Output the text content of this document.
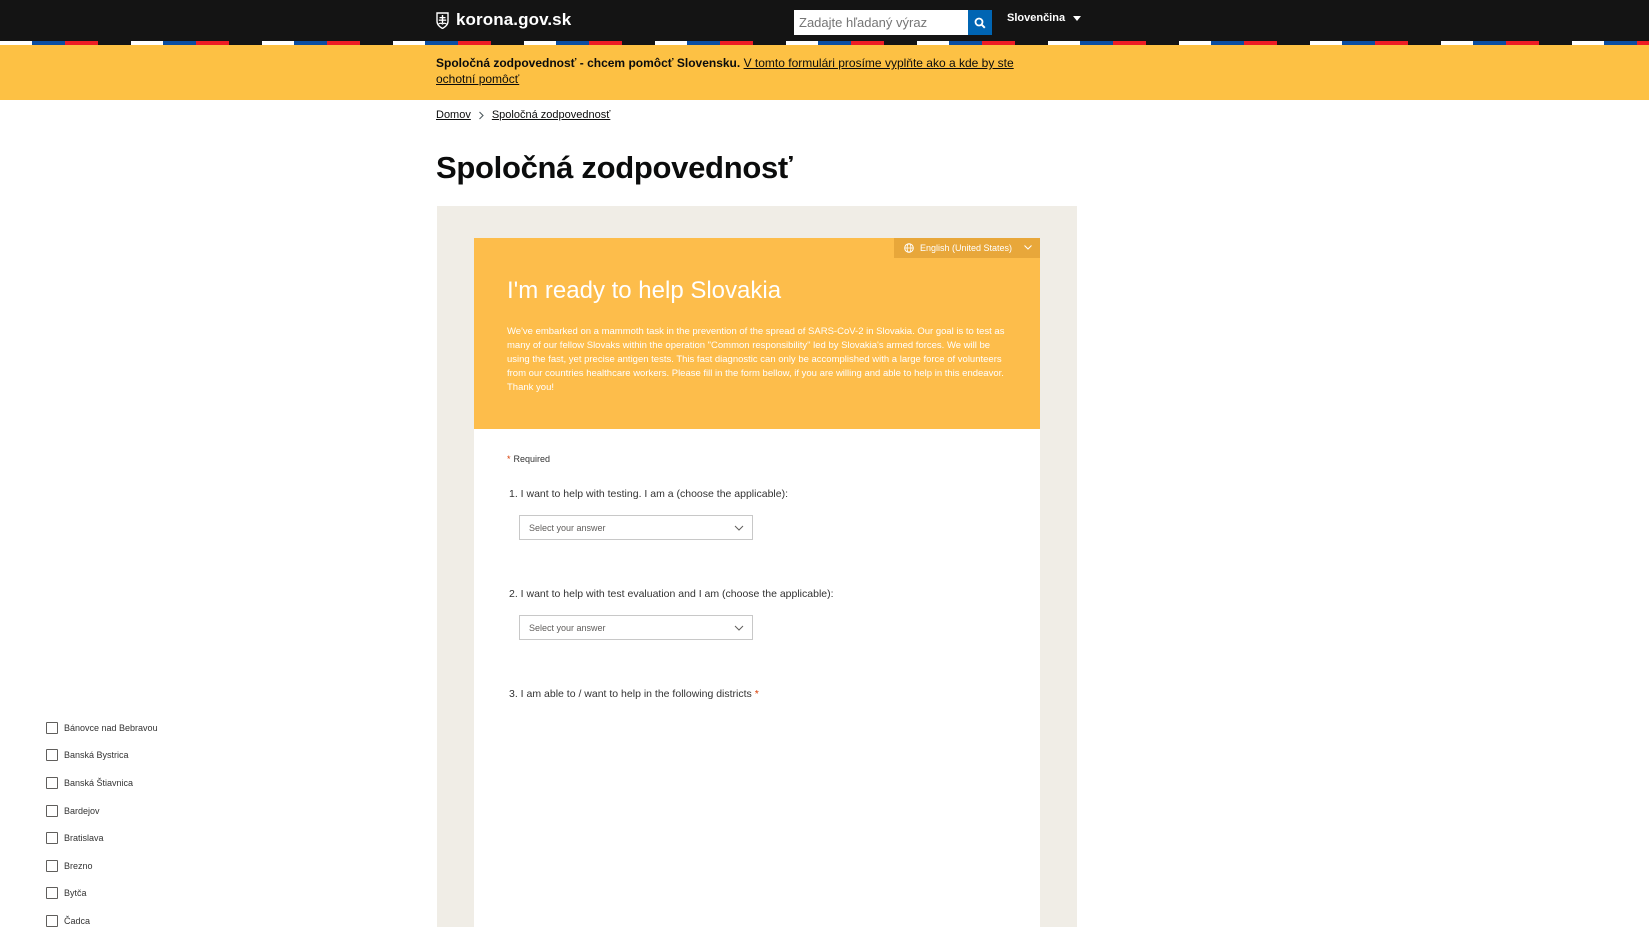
korona.gov.sk
Zadajte hľadaný výraz	Slovenčina
Spoločná zodpovednosť - chcem pomôcť Slovensku. V tomto formulári prosíme vyplňte ako a kde by ste ochotní pomôcť
Domov Spoločná zodpovednosť
Spoločná zodpovednosť
English (United States)
I'm ready to help Slovakia
We've embarked on a mammoth task in the prevention of the spread of SARS-CoV-2 in Slovakia. Our goal is to test as many of our fellow Slovaks within the operation "Common responsibility" led by Slovakia's armed forces. We will be using the fast, yet precise antigen tests. This fast diagnostic can only be accomplished with a large force of volunteers from our countries healthcare workers. Please fill in the form bellow, if you are willing and able to help in this endeavor. Thank you!
* Required
1. I want to help with testing. I am a (choose the applicable):
Select your answer
2. I want to help with test evaluation and I am (choose the applicable):
Select your answer
3. I am able to / want to help in the following districts *
Bánovce nad Bebravou
Banská Bystrica
Banská Štiavnica
Bardejov
Bratislava
Brezno
Bytča
Čadca
